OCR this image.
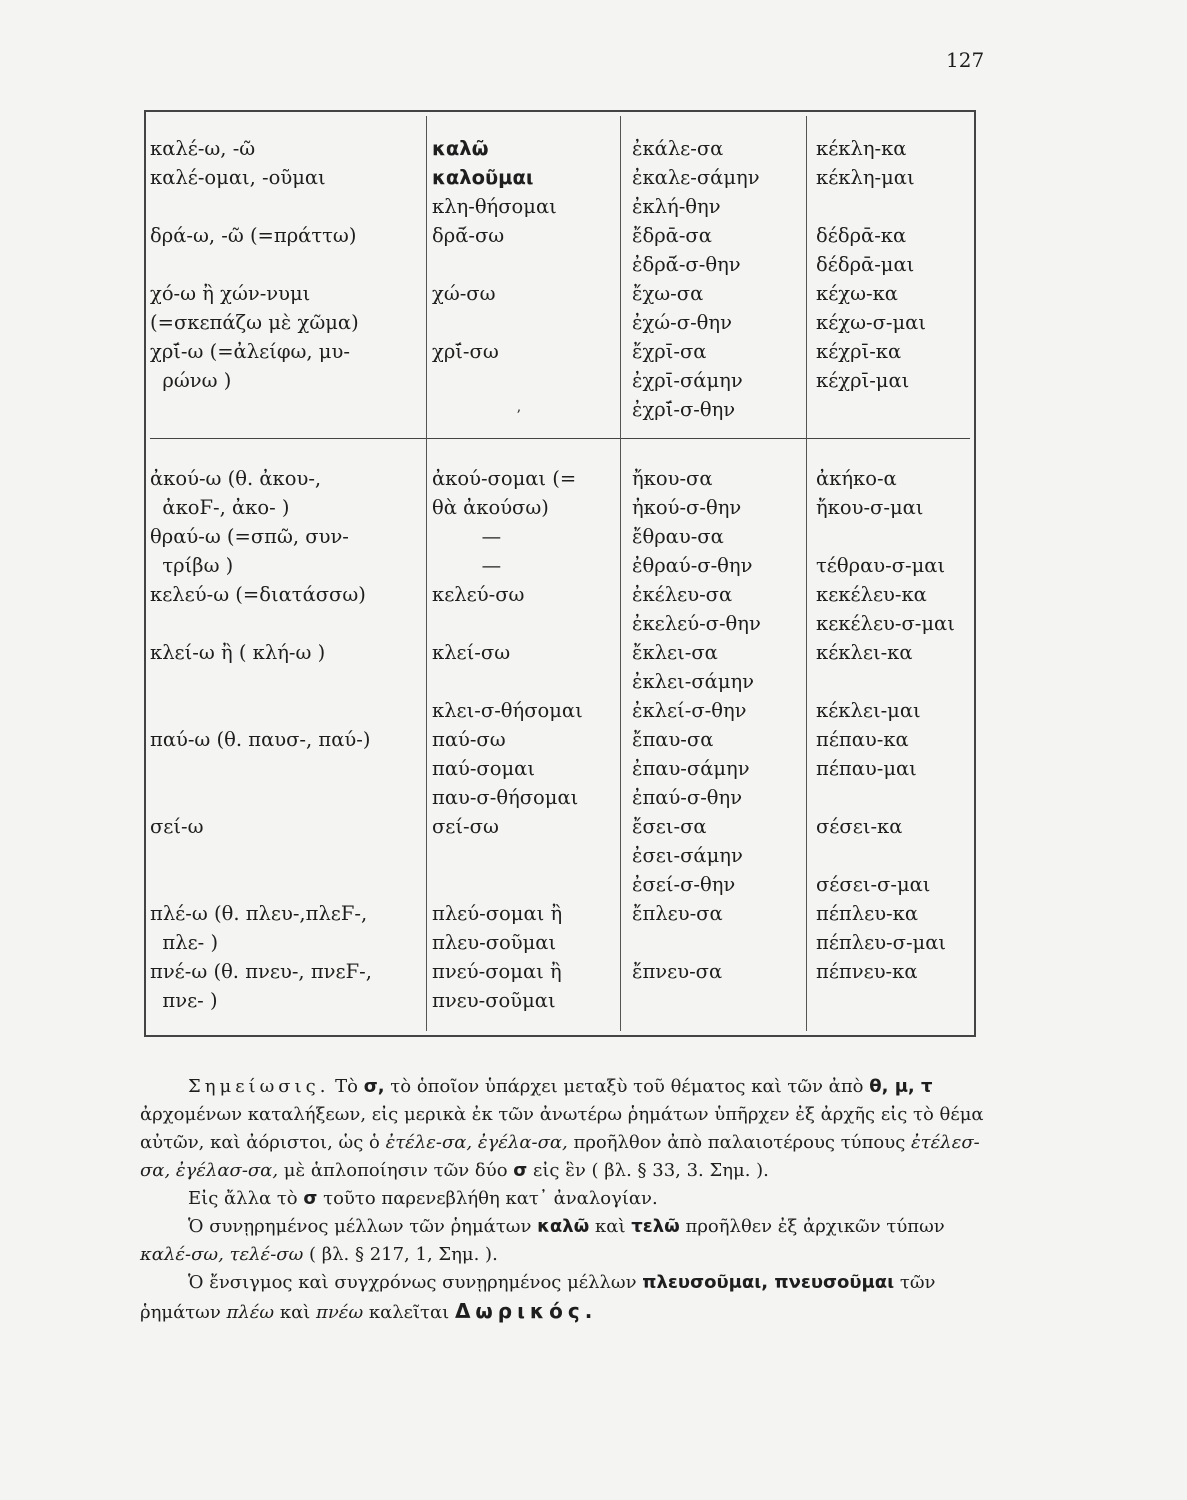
127
καλέ-ω, -ῶ
καλέ-ομαι, -οῦμαι
δρά-ω, -ῶ (=πράττω)
χό-ω ἢ χών-νυμι
(=σκεπάζω μὲ χῶμα)
χρῑ́-ω (=ἀλείφω, μυ-
ρώνω )
καλῶ
καλοῦμαι
κλη-θήσομαι
δρᾱ́-σω
χώ-σω
χρῑ́-σω
ἐκάλε-σα
ἐκαλε-σάμην
ἐκλή-θην
ἔδρᾱ-σα
ἐδρᾱ́-σ-θην
ἔχω-σα
ἐχώ-σ-θην
ἔχρῑ-σα
ἐχρῑ-σάμην
ἐχρῑ́-σ-θην
κέκλη-κα
κέκλη-μαι
δέδρᾱ-κα
δέδρᾱ-μαι
κέχω-κα
κέχω-σ-μαι
κέχρῑ-κα
κέχρῑ-μαι
ἀκού-ω (θ. ἀκου-,
ἀκοϜ-, ἀκο- )
θραύ-ω (=σπῶ, συν-
τρίβω )
κελεύ-ω (=διατάσσω)
κλεί-ω ἢ ( κλή-ω )
παύ-ω (θ. παυσ-, παύ-)
σεί-ω
πλέ-ω (θ. πλευ-,πλεϜ-,
πλε- )
πνέ-ω (θ. πνευ-, πνεϜ-,
πνε- )
ἀκού-σομαι (=
θὰ ἀκούσω)
—
—
κελεύ-σω
κλεί-σω
κλει-σ-θήσομαι
παύ-σω
παύ-σομαι
παυ-σ-θήσομαι
σεί-σω
πλεύ-σομαι ἢ
πλευ-σοῦμαι
πνεύ-σομαι ἢ
πνευ-σοῦμαι
ἤκου-σα
ἠκού-σ-θην
ἔθραυ-σα
ἐθραύ-σ-θην
ἐκέλευ-σα
ἐκελεύ-σ-θην
ἔκλει-σα
ἐκλει-σάμην
ἐκλεί-σ-θην
ἔπαυ-σα
ἐπαυ-σάμην
ἐπαύ-σ-θην
ἔσει-σα
ἐσει-σάμην
ἐσεί-σ-θην
ἔπλευ-σα
ἔπνευ-σα
ἀκήκο-α
ἤκου-σ-μαι
τέθραυ-σ-μαι
κεκέλευ-κα
κεκέλευ-σ-μαι
κέκλει-κα
κέκλει-μαι
πέπαυ-κα
πέπαυ-μαι
σέσει-κα
σέσει-σ-μαι
πέπλευ-κα
πέπλευ-σ-μαι
πέπνευ-κα
ʼ

Σημείωσις. Τὸ σ, τὸ ὁποῖον ὑπάρχει μεταξὺ τοῦ θέματος καὶ τῶν ἀπὸ θ, μ, τ ἀρχομένων καταλήξεων, εἰς μερικὰ ἐκ τῶν ἀνωτέρω ῥημάτων ὑπῆρχεν ἐξ ἀρχῆς εἰς τὸ θέμα αὐτῶν, καὶ ἀόριστοι, ὡς ὁ ἐτέλε-σα, ἐγέλα-σα, προῆλθον ἀπὸ παλαιοτέρους τύπους ἐτέλεσ-σα, ἐγέλασ-σα, μὲ ἁπλοποίησιν τῶν δύο σ εἰς ἓν ( βλ. § 33, 3. Σημ. ).

Εἰς ἄλλα τὸ σ τοῦτο παρενεβλήθη κατ᾽ ἀναλογίαν.

Ὁ συνῃρημένος μέλλων τῶν ῥημάτων καλῶ καὶ τελῶ προῆλθεν ἐξ ἀρχικῶν τύπων καλέ-σω, τελέ-σω ( βλ. § 217, 1, Σημ. ).

Ὁ ἔνσιγμος καὶ συγχρόνως συνῃρημένος μέλλων πλευσοῦμαι, πνευσοῦμαι τῶν ῥημάτων πλέω καὶ πνέω καλεῖται Δωρικός.
